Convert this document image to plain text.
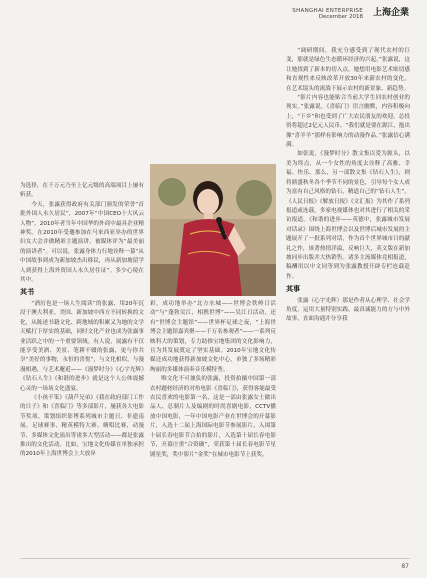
SHANGHAI ENTERPRISE
December 2018 上海企業

为选择，在千万元乃至上亿元级的高端项目上屡有斩获。

今天，张露获得政府有关部门颁发的荣誉“首批外国人永久居民”，2007年“中国CEO十大风云人物”，2010年者当年中国华的外商中最具企业精神奖。在2010年受邀参加在马来西亚举办的世界妇女大会并做精彩主题演讲，被媒体评为“最美丽的演讲者”。可以说，张露身体力行地诠释一幕“从中国故事到成为新加坡杰出移民，再从新加坡留学人到获得上海外资国人永久居住证”。多少心境在其中。

其书

“酒厉也是一场人生阅读”的张露，用20年沉浸于澳大利亚、美国、新加坡中西方不同转换的文化，从陈述书籍文化、跨地域的积累又为她的文学天赋打下厚实的基础，同时文化产业也成为张露事业活跃之中的一个重要领域。有人说，展露有不仅能享受美酒、美景、笔耕不辍的张露，更与你共享“美好的事物，永恒的喜悦”，与文化相似，与漫漫相遇，与艺术邂逅——《漫梦时分》《心宇光辉》《钻石人生》《和谐的进步》就是这个人公体震撼心灵的一场场文化盛宴。

《小孩不笨》《葫芦兄弟》《我在政府部门工作的日子》和《喜临门》等多部影片，屡获各大电影节奖项。策划组织影博系列城市主题日、非遗南展、足球赛事、精英模特大赛、嗨唱比赛、动漫节、多媒体文化演出等诸多大型活动——都是张露推出的文化活动。比如，宝地文化传媒在单独承担的2010年上海世博会上大放异

彩，成功地举办“北方水城——世博会铁岭日活动”与“蓬勃吴江，相携世博”——吴江日活动，还有“世博会主题馆”——世界杯足球之夜，“上海世博会主题馆嘉宾聚——千万名参观者”——一系列反映科大的策划，专力助推宝地集团的文化影响力，且为其发展奠定了坚实基础。2010年宝地文化传媒还成功地获得新加坡文化中心，单独了多场精彩绚丽的多媒体演奏音乐模特秀。

唯文化不可兼负的张露，投资拍摄中国第一部农村题材经济的对角电影《喜临门》，获得客能最受农民喜欢的电影第一名，这是一部由张露女士做出品人、总制片人及编剧的时尚喜剧电影，CCTV播放中国电影，一年中国电影产业在世博会的开幕影片，入选十二届上海国际电影节参展影片，入围第十届长春电影节合拍的影片，入选第十届长春电影节，开幕庄重“合资确”，荣获第十届长春电影节星剧星奖，奖中影片“金奖”在城市电影节上获奖。

“调研期间，我充分感受到了现代农村的巨变，那就是绿色生态循环经济的兴起。”张露说，这让她找到了新本的切入点。她想用电影艺术贴切感和直观性来反映改革开放30年来新农村的变化，在艺术镜头的流淌下展示农村的新景象、新趋势。

“影片内容也能贴合当前大学生回农村创业的现实。”张露说，《喜临门》语言幽默，内容积极向上，“下乡”和也受到了广大农民朋友的欢迎。总投资将超过2亿元人民币。“我们就是要在源江，抱出像“喜羊羊”那样有影响力的动漫作品。”张露信心满满。

如张说，《漫梦时分》散文集以爱为源头，以美为终点，从一个女性的角度去诠释了高雅、幸福、快乐、那么，另一部散文集《钻石人生》，则将鼎盛秋冬各个季节不同的景色，引导每个女人成为富有自己风格的钻石，精道自己的“钻石人生”。《人民日报》《解放日报》《文汇报》为其作了系列报道或连载，多家电视媒体也对其进行了相关的采访报道。《和谐的进步——英德中，张露城市发展对话录》围绕上海世博会以及世博后城市发展的主题展开了一批系列对话，作为首个世界城市日的献礼之作，该著热情洋溢，反响巨大，英文版在新加坡同步出版并大热销售。诸多主流媒体竞相报道，稿酬用以中文同等到为张露教授开辟专栏连载赴作。

其事

张露（心宇光辉）那是作者从心理学、社会学角度，运用大量特别实践、最真诚能力的方与中外故事，直面沟通并分享我

87
